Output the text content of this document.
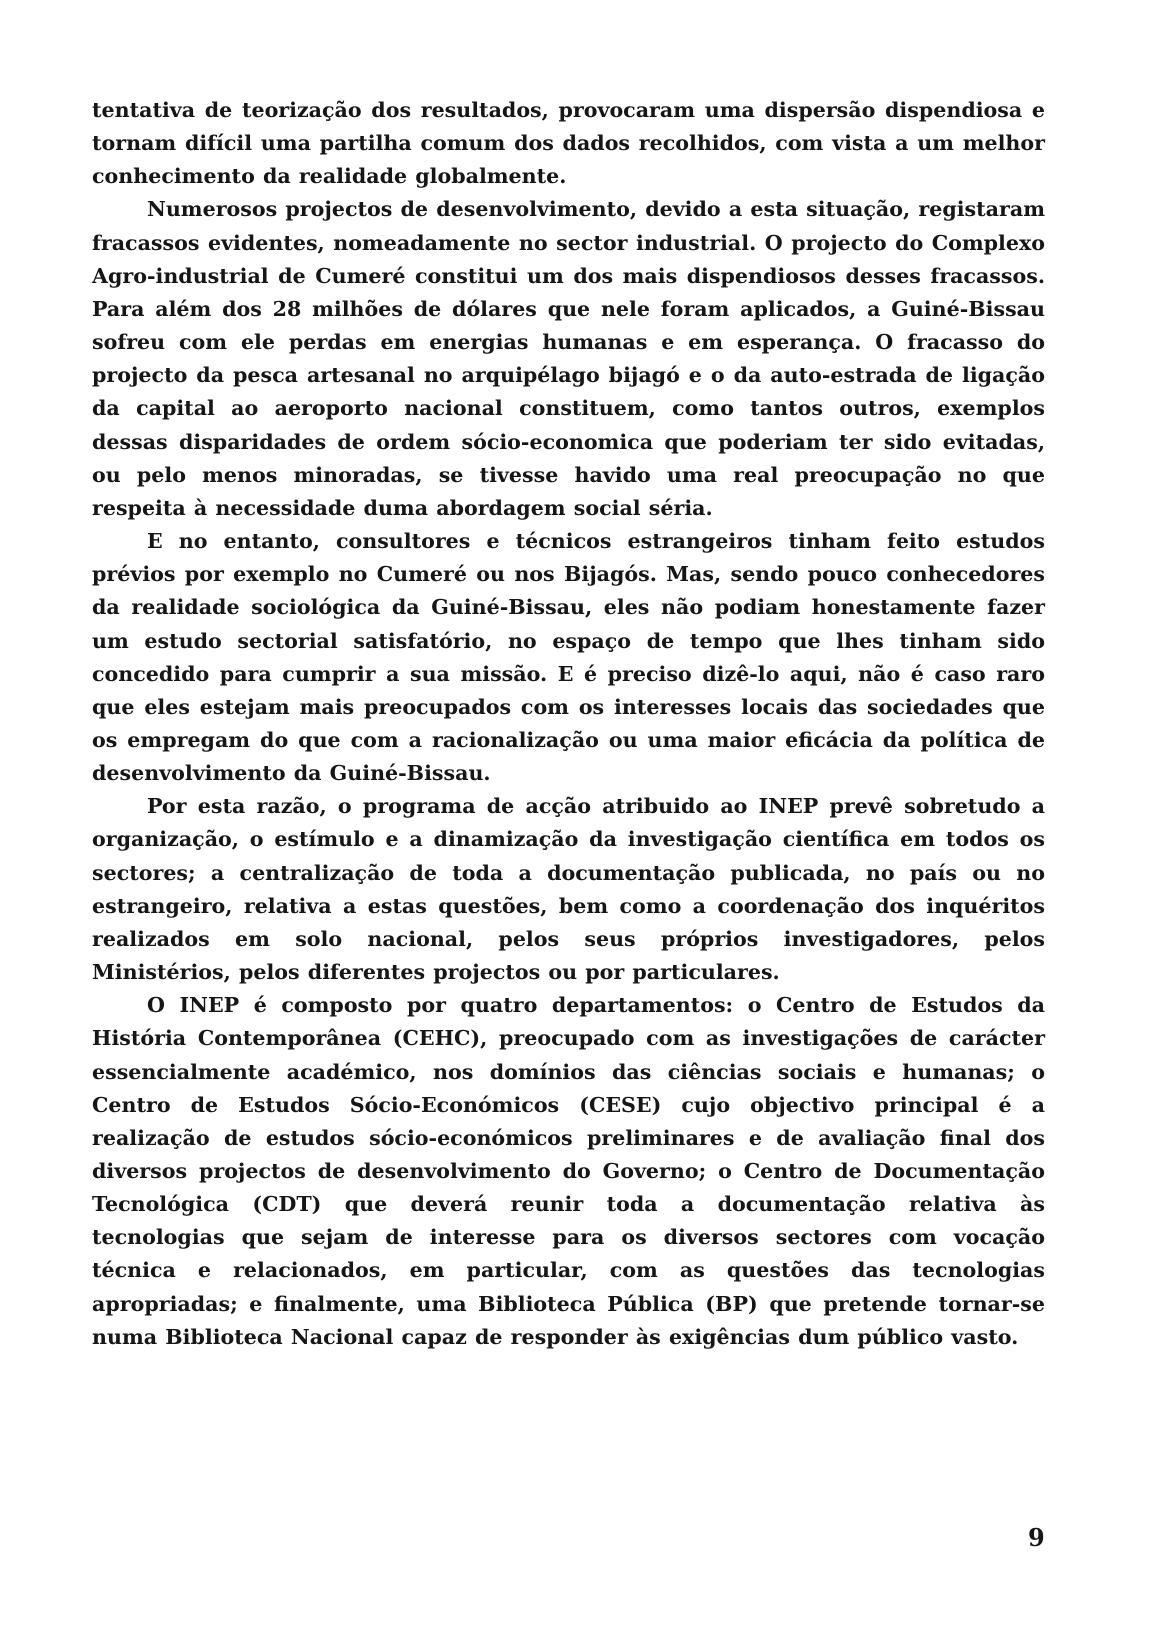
tentativa de teorização dos resultados, provocaram uma dispersão dispendiosa e tornam difícil uma partilha comum dos dados recolhidos, com vista a um melhor conhecimento da realidade globalmente.

Numerosos projectos de desenvolvimento, devido a esta situação, registaram fracassos evidentes, nomeadamente no sector industrial. O projecto do Complexo Agro-industrial de Cumeré constitui um dos mais dispendiosos desses fracassos. Para além dos 28 milhões de dólares que nele foram aplicados, a Guiné-Bissau sofreu com ele perdas em energias humanas e em esperança. O fracasso do projecto da pesca artesanal no arquipélago bijagó e o da auto-estrada de ligação da capital ao aeroporto nacional constituem, como tantos outros, exemplos dessas disparidades de ordem sócio-economica que poderiam ter sido evitadas, ou pelo menos minoradas, se tivesse havido uma real preocupação no que respeita à necessidade duma abordagem social séria.

E no entanto, consultores e técnicos estrangeiros tinham feito estudos prévios por exemplo no Cumeré ou nos Bijagós. Mas, sendo pouco conhecedores da realidade sociológica da Guiné-Bissau, eles não podiam honestamente fazer um estudo sectorial satisfatório, no espaço de tempo que lhes tinham sido concedido para cumprir a sua missão. E é preciso dizê-lo aqui, não é caso raro que eles estejam mais preocupados com os interesses locais das sociedades que os empregam do que com a racionalização ou uma maior eficácia da política de desenvolvimento da Guiné-Bissau.

Por esta razão, o programa de acção atribuido ao INEP prevê sobretudo a organização, o estímulo e a dinamização da investigação científica em todos os sectores; a centralização de toda a documentação publicada, no país ou no estrangeiro, relativa a estas questões, bem como a coordenação dos inquéritos realizados em solo nacional, pelos seus próprios investigadores, pelos Ministérios, pelos diferentes projectos ou por particulares.

O INEP é composto por quatro departamentos: o Centro de Estudos da História Contemporânea (CEHC), preocupado com as investigações de carácter essencialmente académico, nos domínios das ciências sociais e humanas; o Centro de Estudos Sócio-Económicos (CESE) cujo objectivo principal é a realização de estudos sócio-económicos preliminares e de avaliação final dos diversos projectos de desenvolvimento do Governo; o Centro de Documentação Tecnológica (CDT) que deverá reunir toda a documentação relativa às tecnologias que sejam de interesse para os diversos sectores com vocação técnica e relacionados, em particular, com as questões das tecnologias apropriadas; e finalmente, uma Biblioteca Pública (BP) que pretende tornar-se numa Biblioteca Nacional capaz de responder às exigências dum público vasto.

9
